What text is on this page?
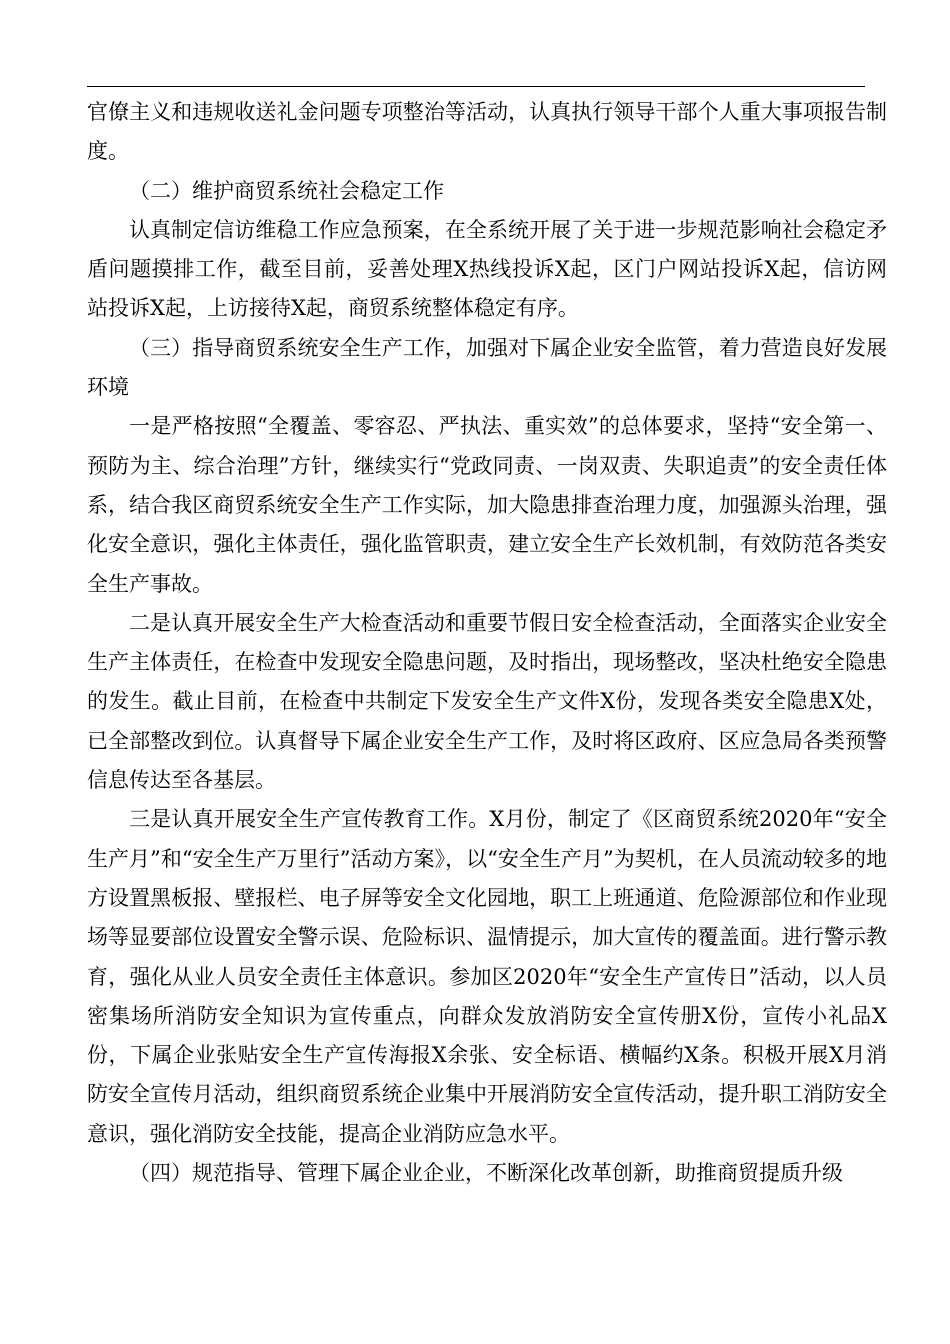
官僚主义和违规收送礼金问题专项整治等活动，认真执行领导干部个人重大事项报告制度。

（二）维护商贸系统社会稳定工作

认真制定信访维稳工作应急预案，在全系统开展了关于进一步规范影响社会稳定矛盾问题摸排工作，截至目前，妥善处理X热线投诉X起，区门户网站投诉X起，信访网站投诉X起，上访接待X起，商贸系统整体稳定有序。

（三）指导商贸系统安全生产工作，加强对下属企业安全监管，着力营造良好发展环境

一是严格按照“全覆盖、零容忍、严执法、重实效”的总体要求，坚持“安全第一、预防为主、综合治理”方针，继续实行“党政同责、一岗双责、失职追责”的安全责任体系，结合我区商贸系统安全生产工作实际，加大隐患排查治理力度，加强源头治理，强化安全意识，强化主体责任，强化监管职责，建立安全生产长效机制，有效防范各类安全生产事故。

二是认真开展安全生产大检查活动和重要节假日安全检查活动，全面落实企业安全生产主体责任，在检查中发现安全隐患问题，及时指出，现场整改，坚决杜绝安全隐患的发生。截止目前，在检查中共制定下发安全生产文件X份，发现各类安全隐患X处，已全部整改到位。认真督导下属企业安全生产工作，及时将区政府、区应急局各类预警信息传达至各基层。

三是认真开展安全生产宣传教育工作。X月份，制定了《区商贸系统2020年“安全生产月”和“安全生产万里行”活动方案》，以“安全生产月”为契机，在人员流动较多的地方设置黑板报、壁报栏、电子屏等安全文化园地，职工上班通道、危险源部位和作业现场等显要部位设置安全警示误、危险标识、温情提示，加大宣传的覆盖面。进行警示教育，强化从业人员安全责任主体意识。参加区2020年“安全生产宣传日”活动，以人员密集场所消防安全知识为宣传重点，向群众发放消防安全宣传册X份，宣传小礼品X份，下属企业张贴安全生产宣传海报X余张、安全标语、横幅约X条。积极开展X月消防安全宣传月活动，组织商贸系统企业集中开展消防安全宣传活动，提升职工消防安全意识，强化消防安全技能，提高企业消防应急水平。

（四）规范指导、管理下属企业企业，不断深化改革创新，助推商贸提质升级
